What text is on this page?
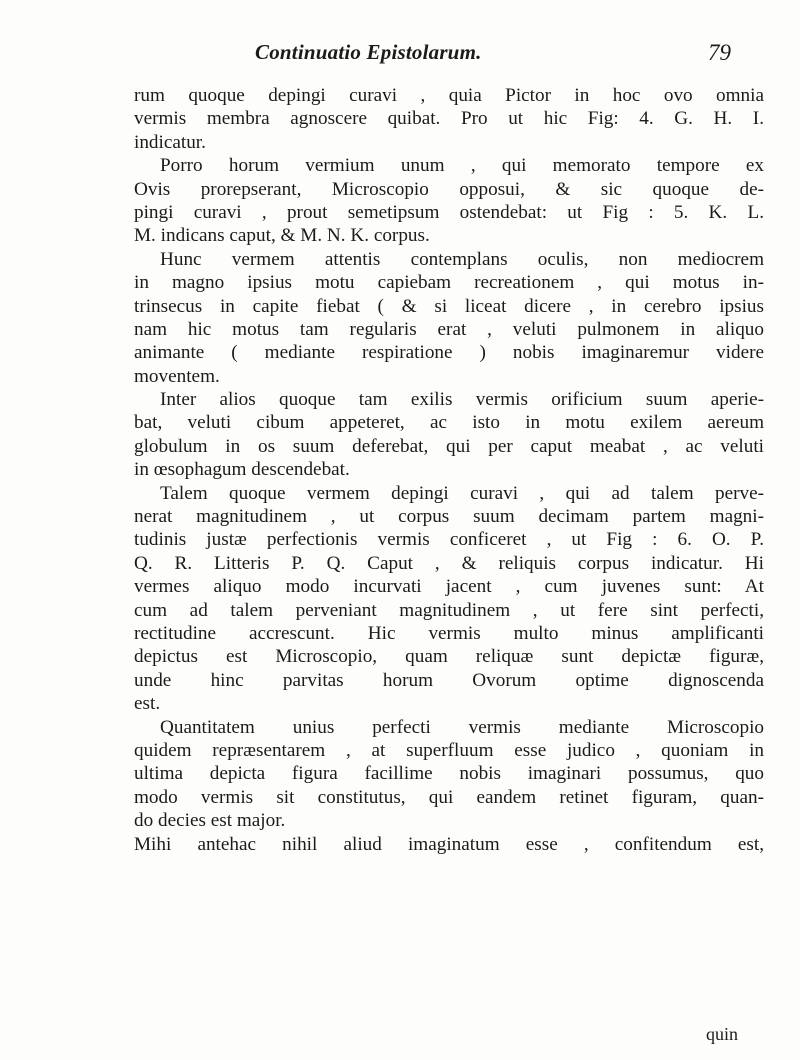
Continuatio Epistolarum.	79
rum quoque depingi curavi , quia Pictor in hoc ovo omnia
vermis membra agnoscere quibat. Pro ut hic Fig: 4. G. H. I.
indicatur.
Porro horum vermium unum , qui memorato tempore ex
Ovis prorepserant, Microscopio opposui, & sic quoque de-
pingi curavi , prout semetipsum ostendebat: ut Fig : 5. K. L.
M. indicans caput, & M. N. K. corpus.
Hunc vermem attentis contemplans oculis, non mediocrem
in magno ipsius motu capiebam recreationem , qui motus in-
trinsecus in capite fiebat ( & si liceat dicere , in cerebro ipsius
nam hic motus tam regularis erat , veluti pulmonem in aliquo
animante ( mediante respiratione ) nobis imaginaremur videre
moventem.
Inter alios quoque tam exilis vermis orificium suum aperie-
bat, veluti cibum appeteret, ac isto in motu exilem aereum
globulum in os suum deferebat, qui per caput meabat , ac veluti
in œsophagum descendebat.
Talem quoque vermem depingi curavi , qui ad talem perve-
nerat magnitudinem , ut corpus suum decimam partem magni-
tudinis justæ perfectionis vermis conficeret , ut Fig : 6. O. P.
Q. R. Litteris P. Q. Caput , & reliquis corpus indicatur. Hi
vermes aliquo modo incurvati jacent , cum juvenes sunt: At
cum ad talem perveniant magnitudinem , ut fere sint perfecti,
rectitudine accrescunt. Hic vermis multo minus amplificanti
depictus est Microscopio, quam reliquæ sunt depictæ figuræ,
unde hinc parvitas horum Ovorum optime dignoscenda
est.
Quantitatem unius perfecti vermis mediante Microscopio
quidem repræsentarem , at superfluum esse judico , quoniam in
ultima depicta figura facillime nobis imaginari possumus, quo
modo vermis sit constitutus, qui eandem retinet figuram, quan-
do decies est major.
Mihi antehac nihil aliud imaginatum esse , confitendum est,
quin
